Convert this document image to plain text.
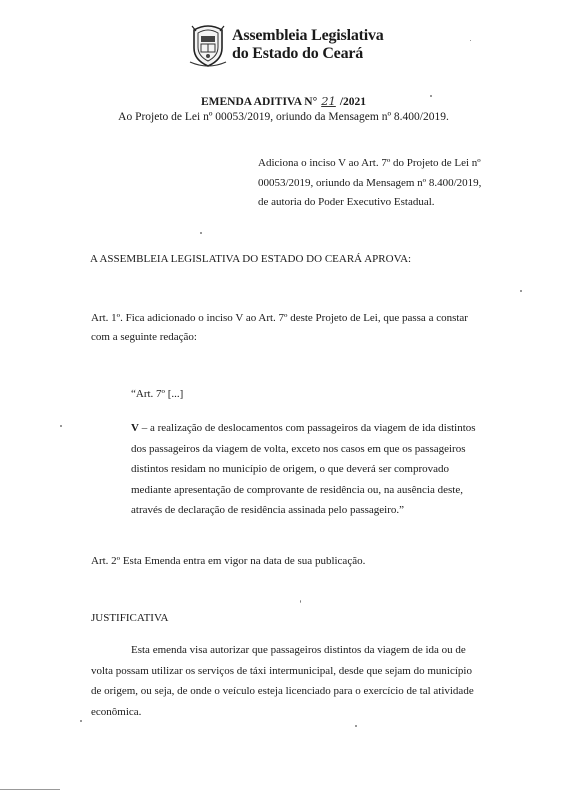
Assembleia Legislativa
do Estado do Ceará
EMENDA ADITIVA N° 21 /2021
Ao Projeto de Lei nº 00053/2019, oriundo da Mensagem nº 8.400/2019.
Adiciona o inciso V ao Art. 7º do Projeto de Lei nº
00053/2019, oriundo da Mensagem nº 8.400/2019,
de autoria do Poder Executivo Estadual.
A ASSEMBLEIA LEGISLATIVA DO ESTADO DO CEARÁ APROVA:
Art. 1º. Fica adicionado o inciso V ao Art. 7º deste Projeto de Lei, que passa a constar
com a seguinte redação:
“Art. 7º [...]
V – a realização de deslocamentos com passageiros da viagem de ida distintos
dos passageiros da viagem de volta, exceto nos casos em que os passageiros
distintos residam no município de origem, o que deverá ser comprovado
mediante apresentação de comprovante de residência ou, na ausência deste,
através de declaração de residência assinada pelo passageiro.”
Art. 2º Esta Emenda entra em vigor na data de sua publicação.
JUSTIFICATIVA
Esta emenda visa autorizar que passageiros distintos da viagem de ida ou de
volta possam utilizar os serviços de táxi intermunicipal, desde que sejam do município
de origem, ou seja, de onde o veículo esteja licenciado para o exercício de tal atividade
econômica.
